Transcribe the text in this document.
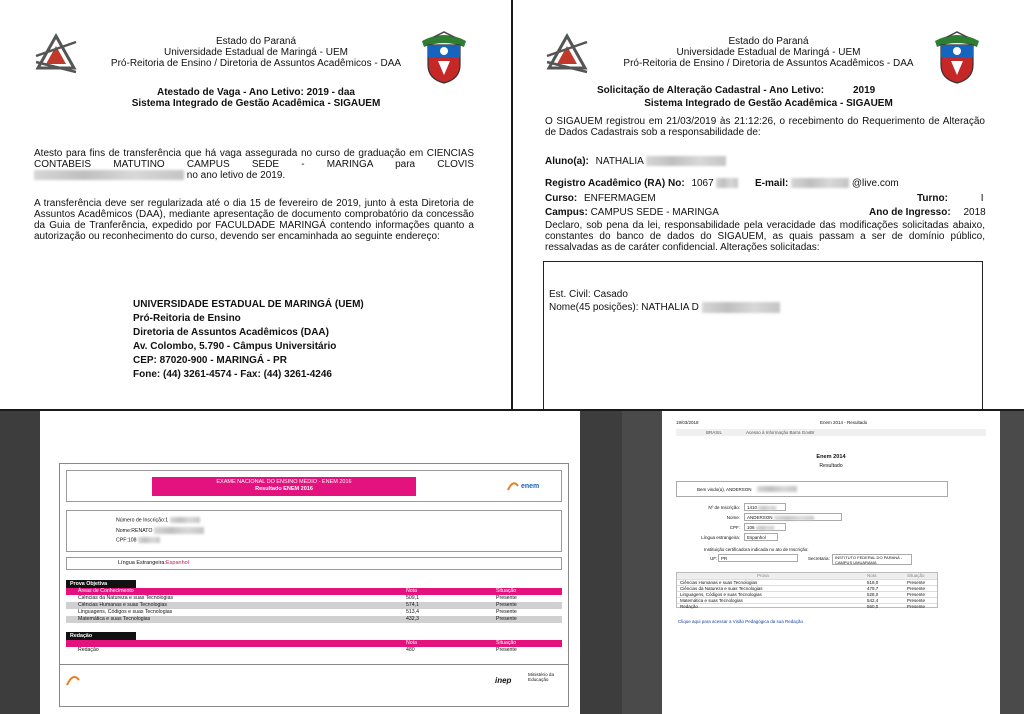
Estado do Paraná
Universidade Estadual de Maringá - UEM
Pró-Reitoria de Ensino / Diretoria de Assuntos Acadêmicos - DAA
Atestado de Vaga - Ano Letivo: 2019 - daa
Sistema Integrado de Gestão Acadêmica - SIGAUEM
Atesto para fins de transferência que há vaga assegurada no curso de graduação em CIENCIAS CONTABEIS MATUTINO CAMPUS SEDE - MARINGA para CLOVIS  no ano letivo de 2019.
A transferência deve ser regularizada até o dia 15 de fevereiro de 2019, junto à esta Diretoria de Assuntos Acadêmicos (DAA), mediante apresentação de documento comprobatório da concessão da Guia de Tranferência, expedido por FACULDADE MARINGÁ contendo informações quanto a autorização ou reconhecimento do curso, devendo ser encaminhada ao seguinte endereço:
UNIVERSIDADE ESTADUAL DE MARINGÁ (UEM)
Pró-Reitoria de Ensino
Diretoria de Assuntos Acadêmicos (DAA)
Av. Colombo, 5.790 - Câmpus Universitário
CEP: 87020-900 - MARINGÁ - PR
Fone: (44) 3261-4574 - Fax: (44) 3261-4246
Estado do Paraná
Universidade Estadual de Maringá - UEM
Pró-Reitoria de Ensino / Diretoria de Assuntos Acadêmicos - DAA
Solicitação de Alteração Cadastral - Ano Letivo:	2019
Sistema Integrado de Gestão Acadêmica - SIGAUEM
O SIGAUEM registrou em 21/03/2019 às 21:12:26, o recebimento do Requerimento de Alteração de Dados Cadastrais sob a responsabilidade de:
Aluno(a): NATHALIA
Registro Acadêmico (RA) No: 1067	E-mail:	@live.com
Curso: ENFERMAGEM	Turno:	I
Campus: CAMPUS SEDE - MARINGA	Ano de Ingresso: 2018
Declaro, sob pena da lei, responsabilidade pela veracidade das modificações solicitadas abaixo, constantes do banco de dados do SIGAUEM, as quais passam a ser de domínio público, ressalvadas as de caráter confidencial. Alterações solicitadas:
Est. Civil: Casado
Nome(45 posições): NATHALIA D
EXAME NACIONAL DO ENSINO MÉDIO - ENEM 2016
Resultado ENEM 2016	enem
Número de Inscrição:1
Nome:RENATO
CPF:108
Língua Estrangeira:Espanhol
Prova Objetiva
Áreas de Conhecimento	Nota	Situação
Ciências da Natureza e suas Tecnologias	509,1	Presente
Ciências Humanas e suas Tecnologias	574,1	Presente
Linguagens, Códigos e suas Tecnologias	513,4	Presente
Matemática e suas Tecnologias	432,3	Presente
Redação
Nota	Situação
Redação	480	Presente
inep
Ministério da Educação
19/03/2018	Enem 2014 - Resultado
BRASIL	Acesso à Informação Barra GovBr
Enem 2014
Resultado
Bem vindo(a), ANDERSON
Nº de Inscrição:	1410
Nome:	ANDERSON
CPF:	106
Língua estrangeira:	Espanhol
Instituição certificadora indicada no ato de Inscrição:
UF: PR	Secretaria:	INSTITUTO FEDERAL DO PARANÁ - CAMPUS UMUARAMA
Prova	Nota	Situação
Ciências Humanas e suas Tecnologias	518,0	Presente
Ciências da Natureza e suas Tecnologias	479,7	Presente
Linguagens, Códigos e suas Tecnologias	528,0	Presente
Matemática e suas Tecnologias	542,4	Presente
Redação	560,0	Presente
Clique aqui para acessar a Visão Pedagógica da sua Redação.
